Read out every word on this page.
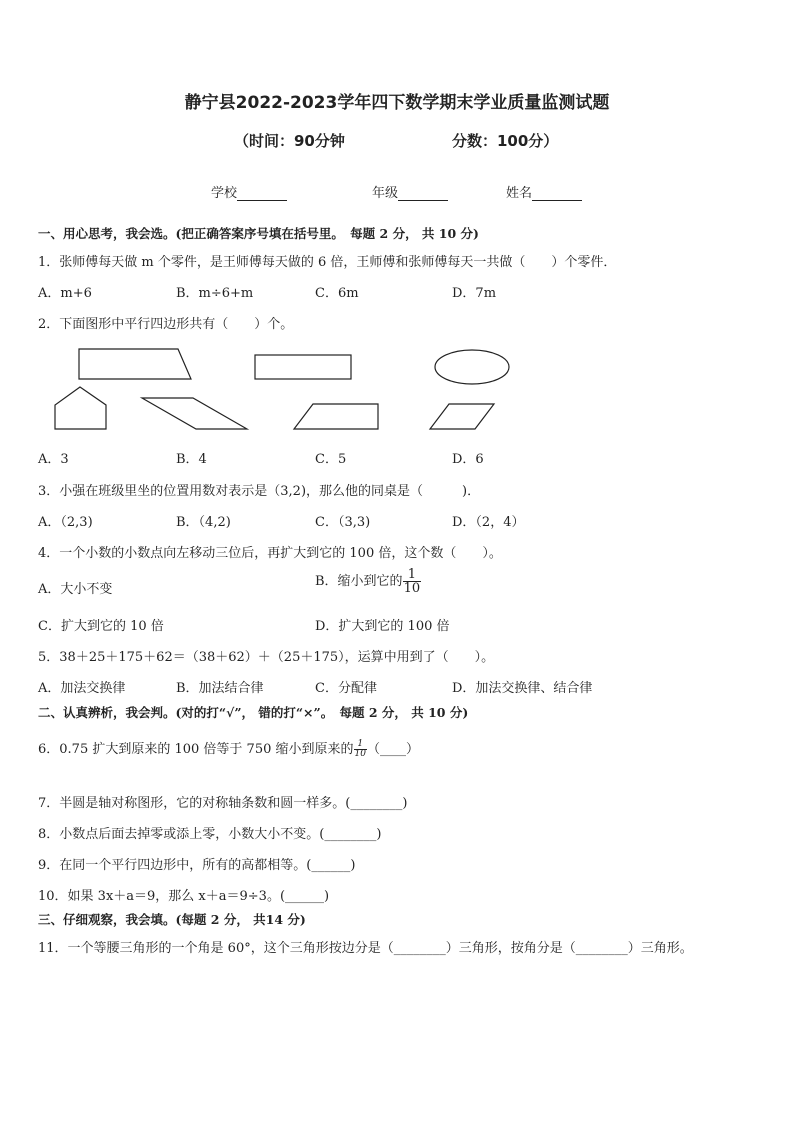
静宁县2022-2023学年四下数学期末学业质量监测试题
（时间：90分钟	分数：100分）
学校	年级	姓名
一、用心思考，我会选。(把正确答案序号填在括号里。　每题 2 分， 共 10 分)
1．张师傅每天做 m 个零件，是王师傅每天做的 6 倍，王师傅和张师傅每天一共做（　　）个零件．
A．m+6	B．m÷6+m	C．6m	D．7m
2．下面图形中平行四边形共有（　　）个。
A．3	B．4	C．5	D．6
3．小强在班级里坐的位置用数对表示是（3,2)，那么他的同桌是（　　　)．
A．（2,3)	B．（4,2)	C．（3,3)	D．（2，4）
4．一个小数的小数点向左移动三位后，再扩大到它的 100 倍，这个数（　　）。
A．大小不变
B．缩小到它的 $\frac{1}{10}$
C．扩大到它的 10 倍	D．扩大到它的 100 倍
5．38＋25＋175＋62＝（38＋62）＋（25＋175），运算中用到了（　　）。
A．加法交换律	B．加法结合律	C．分配律	D．加法交换律、结合律
二、认真辨析，我会判。(对的打“√”， 错的打“×”。　每题 2 分， 共 10 分)
6．0.75 扩大到原来的 100 倍等于 750 缩小到原来的 $\frac{1}{10}$ （____）
7．半圆是轴对称图形，它的对称轴条数和圆一样多。(________)
8．小数点后面去掉零或添上零，小数大小不变。(________)
9．在同一个平行四边形中，所有的高都相等。(______)
10．如果 3x＋a＝9，那么 x＋a＝9÷3。(______)
三、仔细观察，我会填。(每题 2 分， 共14 分)
11．一个等腰三角形的一个角是 60°，这个三角形按边分是（________）三角形，按角分是（________）三角形。
